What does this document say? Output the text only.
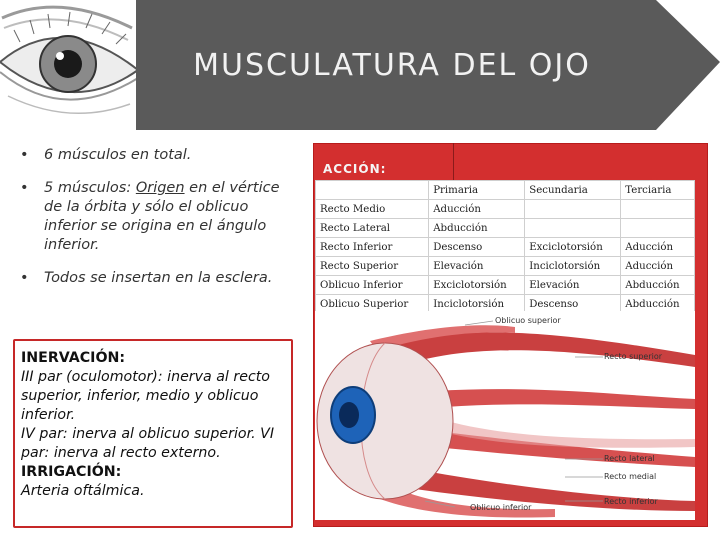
MUSCULATURA DEL OJO
• 6 músculos en total.
• 5 músculos: Origen en el vértice de la órbita y sólo el oblicuo inferior se origina en el ángulo inferior.
• Todos se insertan en la esclera.
INERVACIÓN:
III par (oculomotor): inerva al recto superior, inferior, medio y oblicuo inferior.
IV par: inerva al oblicuo superior. VI par: inerva al recto externo.
IRRIGACIÓN:
Arteria oftálmica.
ACCIÓN:
	Primaria	Secundaria	Terciaria
Recto Medio	Aducción		
Recto Lateral	Abducción		
Recto Inferior	Descenso	Exciclotorsión	Aducción
Recto Superior	Elevación	Inciclotorsión	Aducción
Oblicuo Inferior	Exciclotorsión	Elevación	Abducción
Oblicuo Superior	Inciclotorsión	Descenso	Abducción
Oblicuo superior
Recto superior
Recto lateral
Recto medial
Recto inferior
Oblicuo inferior
